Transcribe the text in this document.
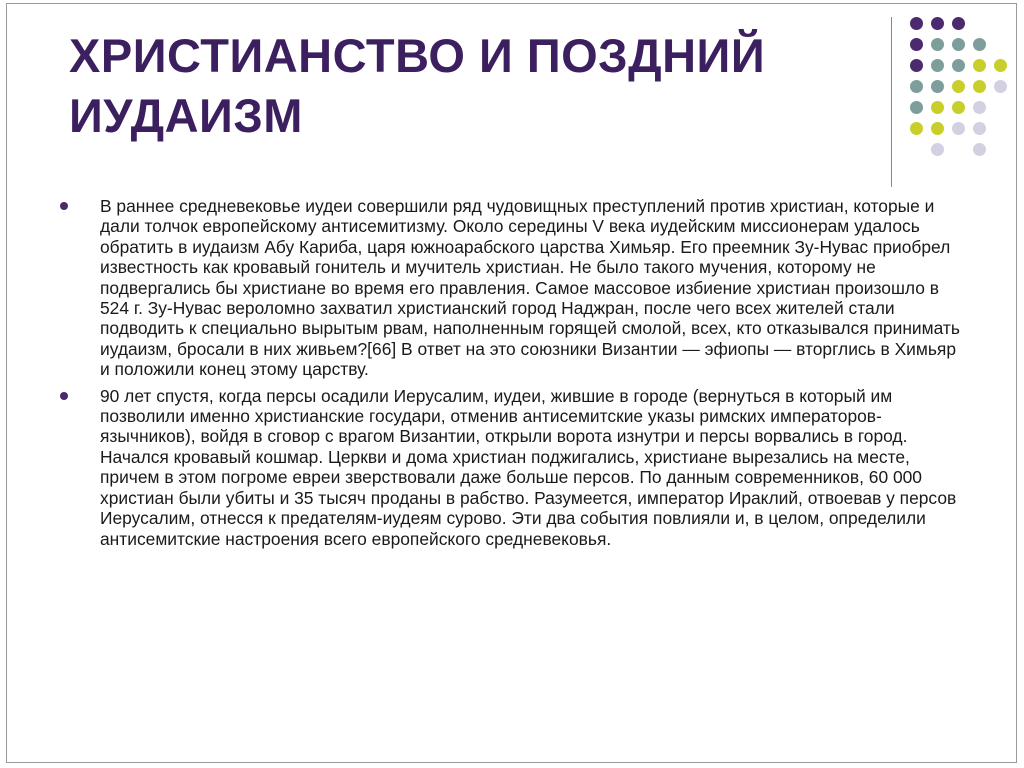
ХРИСТИАНСТВО И ПОЗДНИЙ
ИУДАИЗМ
В раннее средневековье иудеи совершили ряд чудовищных преступлений против христиан, которые и дали толчок европейскому антисемитизму. Около середины V века иудейским миссионерам удалось обратить в иудаизм Абу Кариба, царя южноарабского царства Химьяр. Его преемник Зу-Нувас приобрел известность как кровавый гонитель и мучитель христиан. Не было такого мучения, которому не подвергались бы христиане во время его правления. Самое массовое избиение христиан произошло в 524 г. Зу-Нувас вероломно захватил христианский город Наджран, после чего всех жителей стали подводить к специально вырытым рвам, наполненным горящей смолой, всех, кто отказывался принимать иудаизм, бросали в них живьем?[66] В ответ на это союзники Византии — эфиопы — вторглись в Химьяр и положили конец этому царству.
90 лет спустя, когда персы осадили Иерусалим, иудеи, жившие в городе (вернуться в который им позволили именно христианские государи, отменив антисемитские указы римских императоров-язычников), войдя в сговор с врагом Византии, открыли ворота изнутри и персы ворвались в город. Начался кровавый кошмар. Церкви и дома христиан поджигались, христиане вырезались на месте, причем в этом погроме евреи зверствовали даже больше персов. По данным современников, 60 000 христиан были убиты и 35 тысяч проданы в рабство. Разумеется, император Ираклий, отвоевав у персов Иерусалим, отнесся к предателям-иудеям сурово. Эти два события повлияли и, в целом, определили антисемитские настроения всего европейского средневековья.
